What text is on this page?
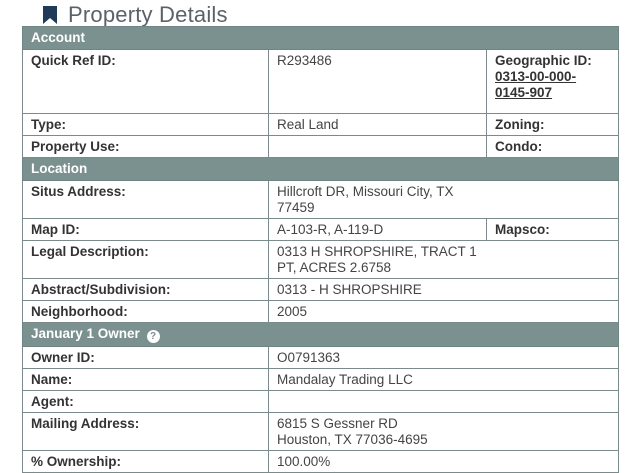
Property Details
Account		
Quick Ref ID:	R293486	Geographic ID: 0313-00-000-0145-907
Type:	Real Land	Zoning:
Property Use:		Condo:
Location		
Situs Address:	Hillcroft DR, Missouri City, TX
77459	

Map ID:	A-103-R, A-119-D	Mapsco:
Legal Description:	0313 H SHROPSHIRE, TRACT 1
PT, ACRES 2.6758	

Abstract/Subdivision:	0313 - H SHROPSHIRE	
Neighborhood:	2005	
January 1 Owner ?		
Owner ID:	O0791363	
Name:	Mandalay Trading LLC	
Agent:		
Mailing Address:	6815 S Gessner RD
Houston, TX 77036-4695	

% Ownership:	100.00%	
